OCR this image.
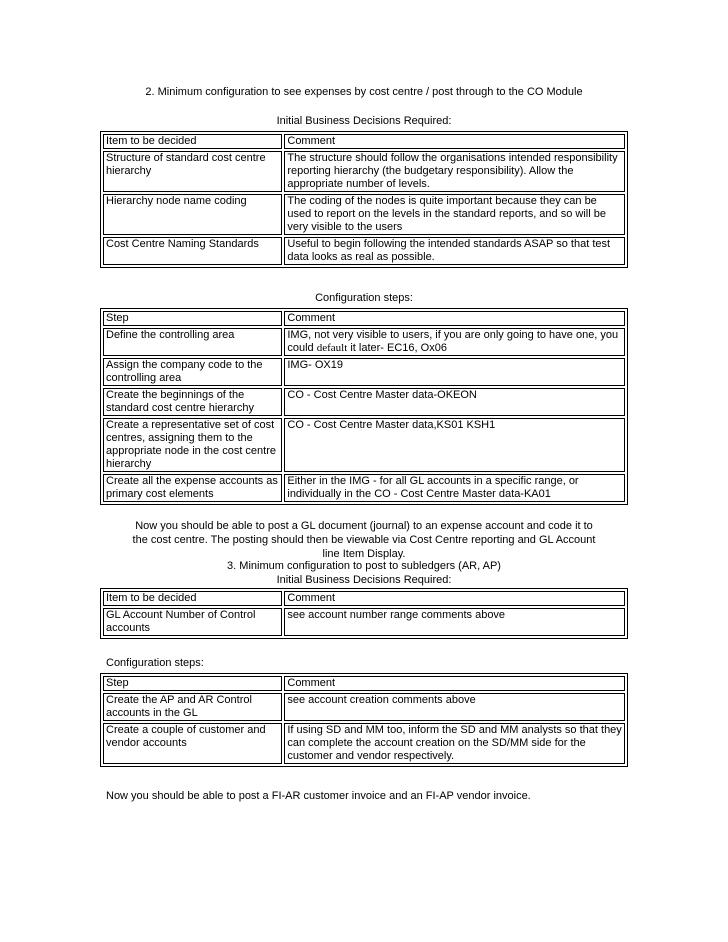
2. Minimum configuration to see expenses by cost centre / post through to the CO Module
Initial Business Decisions Required:
Item to be decided	Comment
Structure of standard cost centre hierarchy	The structure should follow the organisations intended responsibility reporting hierarchy (the budgetary responsibility). Allow the appropriate number of levels.
Hierarchy node name coding	The coding of the nodes is quite important because they can be used to report on the levels in the standard reports, and so will be very visible to the users
Cost Centre Naming Standards	Useful to begin following the intended standards ASAP so that test data looks as real as possible.
Configuration steps:
Step	Comment
Define the controlling area	IMG, not very visible to users, if you are only going to have one, you could default it later- EC16, Ox06
Assign the company code to the controlling area	IMG- OX19
Create the beginnings of the standard cost centre hierarchy	CO - Cost Centre Master data-OKEON
Create a representative set of cost centres, assigning them to the appropriate node in the cost centre hierarchy	CO - Cost Centre Master data,KS01 KSH1
Create all the expense accounts as primary cost elements	Either in the IMG - for all GL accounts in a specific range, or individually in the CO - Cost Centre Master data-KA01
Now you should be able to post a GL document (journal) to an expense account and code it to
the cost centre. The posting should then be viewable via Cost Centre reporting and GL Account
line Item Display.
3. Minimum configuration to post to subledgers (AR, AP)
Initial Business Decisions Required:
Item to be decided	Comment
GL Account Number of Control accounts	see account number range comments above
Configuration steps:
Step	Comment
Create the AP and AR Control accounts in the GL	see account creation comments above
Create a couple of customer and vendor accounts	If using SD and MM too, inform the SD and MM analysts so that they can complete the account creation on the SD/MM side for the customer and vendor respectively.
Now you should be able to post a FI-AR customer invoice and an FI-AP vendor invoice.
